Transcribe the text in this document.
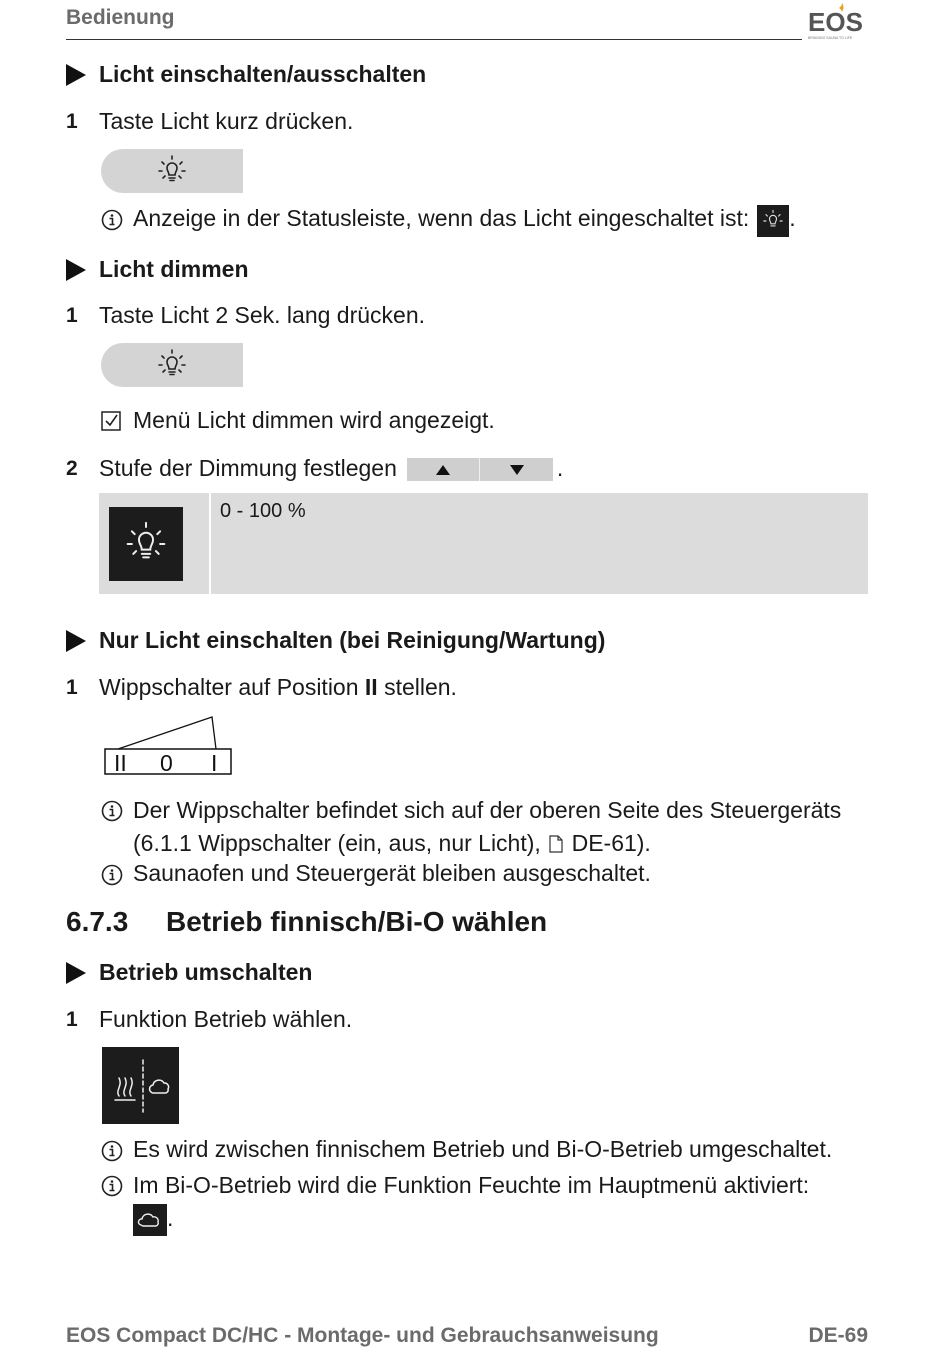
Bedienung	EOS
BRINGING SAUNA TO LIFE
Licht einschalten/ausschalten
1 Taste Licht kurz drücken.
Anzeige in der Statusleiste, wenn das Licht eingeschaltet ist: .
Licht dimmen
1 Taste Licht 2 Sek. lang drücken.
Menü Licht dimmen wird angezeigt.
2 Stufe der Dimmung festlegen	.
0 - 100 %
Nur Licht einschalten (bei Reinigung/Wartung)
1 Wippschalter auf Position II stellen.
II 0 I
Der Wippschalter befindet sich auf der oberen Seite des Steuergeräts
(6.1.1 Wippschalter (ein, aus, nur Licht), DE-61).
Saunaofen und Steuergerät bleiben ausgeschaltet.
6.7.3	Betrieb finnisch/Bi-O wählen
Betrieb umschalten
1 Funktion Betrieb wählen.
Es wird zwischen finnischem Betrieb und Bi-O-Betrieb umgeschaltet.
Im Bi-O-Betrieb wird die Funktion Feuchte im Hauptmenü aktiviert:

.
EOS Compact DC/HC - Montage- und Gebrauchsanweisung	DE-69
